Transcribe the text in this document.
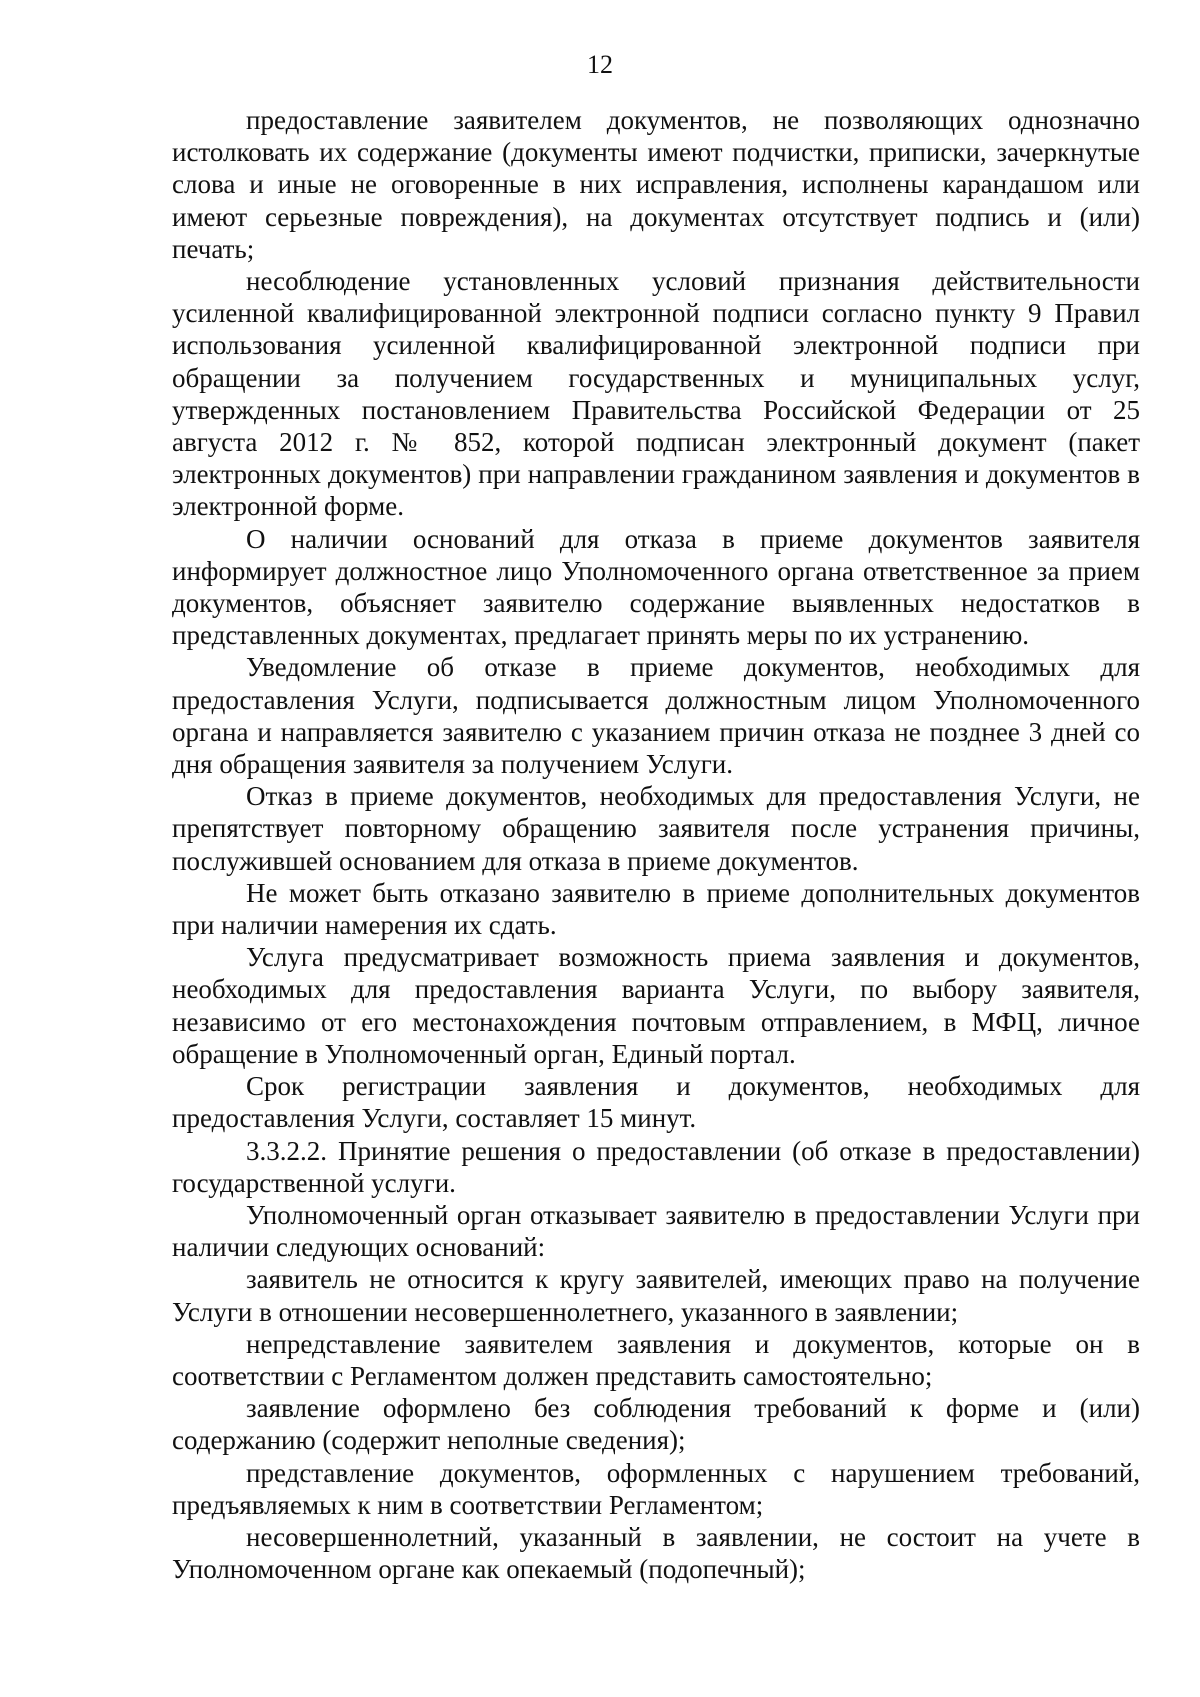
12

предоставление заявителем документов, не позволяющих однозначно истолковать их содержание (документы имеют подчистки, приписки, зачеркнутые слова и иные не оговоренные в них исправления, исполнены карандашом или имеют серьезные повреждения), на документах отсутствует подпись и (или) печать;

несоблюдение установленных условий признания действительности усиленной квалифицированной электронной подписи согласно пункту 9 Правил использования усиленной квалифицированной электронной подписи при обращении за получением государственных и муниципальных услуг, утвержденных постановлением Правительства Российской Федерации от 25 августа 2012 г. № 852, которой подписан электронный документ (пакет электронных документов) при направлении гражданином заявления и документов в электронной форме.

О наличии оснований для отказа в приеме документов заявителя информирует должностное лицо Уполномоченного органа ответственное за прием документов, объясняет заявителю содержание выявленных недостатков в представленных документах, предлагает принять меры по их устранению.

Уведомление об отказе в приеме документов, необходимых для предоставления Услуги, подписывается должностным лицом Уполномоченного органа и направляется заявителю с указанием причин отказа не позднее 3 дней со дня обращения заявителя за получением Услуги.

Отказ в приеме документов, необходимых для предоставления Услуги, не препятствует повторному обращению заявителя после устранения причины, послужившей основанием для отказа в приеме документов.

Не может быть отказано заявителю в приеме дополнительных документов при наличии намерения их сдать.

Услуга предусматривает возможность приема заявления и документов, необходимых для предоставления варианта Услуги, по выбору заявителя, независимо от его местонахождения почтовым отправлением, в МФЦ, личное обращение в Уполномоченный орган, Единый портал.

Срок регистрации заявления и документов, необходимых для предоставления Услуги, составляет 15 минут.

3.3.2.2. Принятие решения о предоставлении (об отказе в предоставлении) государственной услуги.

Уполномоченный орган отказывает заявителю в предоставлении Услуги при наличии следующих оснований:

заявитель не относится к кругу заявителей, имеющих право на получение Услуги в отношении несовершеннолетнего, указанного в заявлении;

непредставление заявителем заявления и документов, которые он в соответствии с Регламентом должен представить самостоятельно;

заявление оформлено без соблюдения требований к форме и (или) содержанию (содержит неполные сведения);

представление документов, оформленных с нарушением требований, предъявляемых к ним в соответствии Регламентом;

несовершеннолетний, указанный в заявлении, не состоит на учете в Уполномоченном органе как опекаемый (подопечный);
